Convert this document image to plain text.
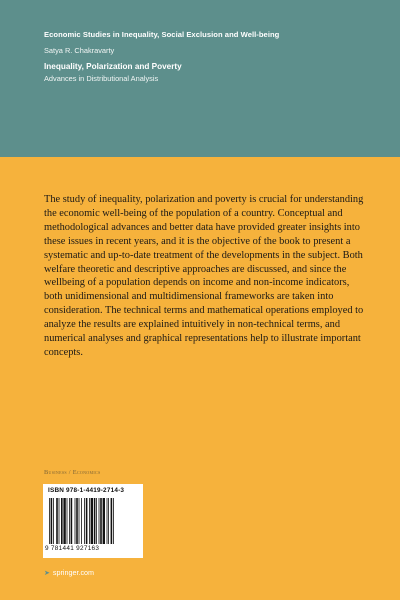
Economic Studies in Inequality, Social Exclusion and Well-being
Satya R. Chakravarty
Inequality, Polarization and Poverty
Advances in Distributional Analysis

The study of inequality, polarization and poverty is crucial for understanding the economic well-being of the population of a country. Conceptual and methodological advances and better data have provided greater insights into these issues in recent years, and it is the objective of the book to present a systematic and up-to-date treatment of the developments in the subject. Both welfare theoretic and descriptive approaches are discussed, and since the wellbeing of a population depends on income and non-income indicators, both unidimensional and multidimensional frameworks are taken into consideration. The technical terms and mathematical operations employed to analyze the results are explained intuitively in non-technical terms, and numerical analyses and graphical representations help to illustrate important concepts.

Business / Economics
ISBN 978-1-4419-2714-3
9 781441 927163
➤ springer.com
